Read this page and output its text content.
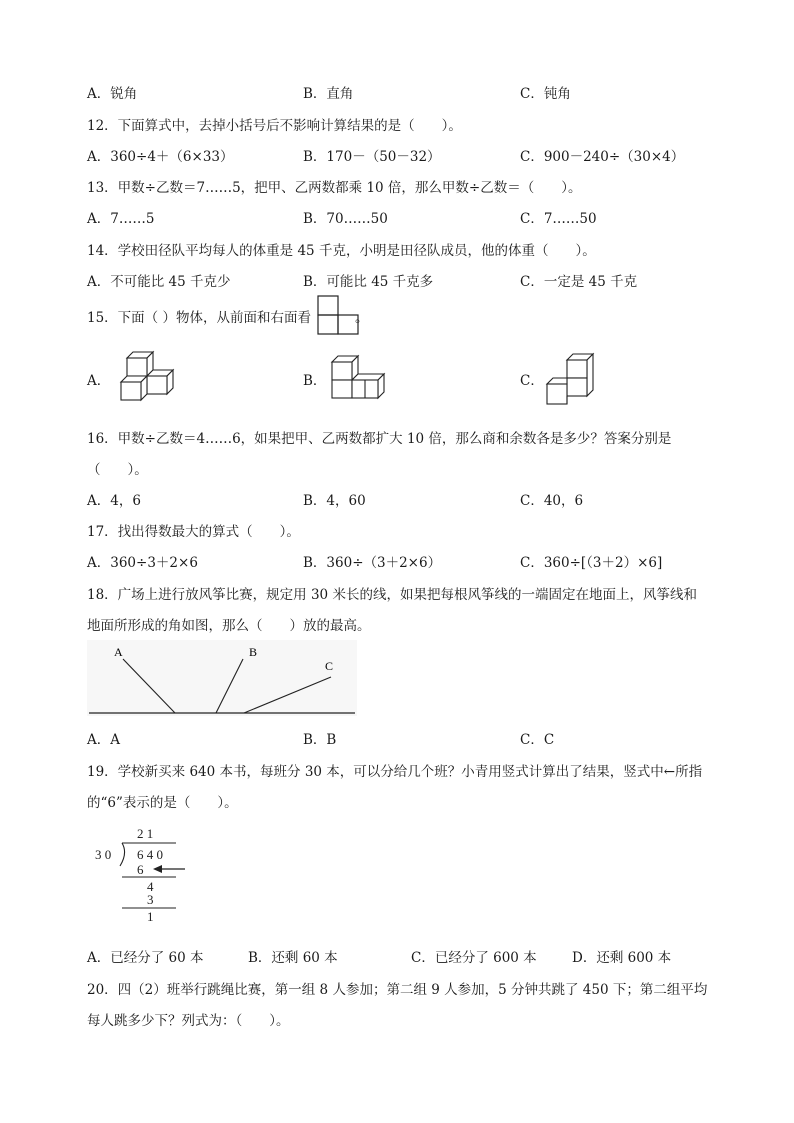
A．锐角	B．直角	C．钝角
12．下面算式中，去掉小括号后不影响计算结果的是（　　）。
A．360÷4＋（6×33）	B．170－（50－32）	C．900－240÷（30×4）
13．甲数÷乙数＝7……5，把甲、乙两数都乘 10 倍，那么甲数÷乙数＝（　　）。
A．7……5	B．70……50	C．7……50
14．学校田径队平均每人的体重是 45 千克，小明是田径队成员，他的体重（　　）。
A．不可能比 45 千克少	B．可能比 45 千克多	C．一定是 45 千克
15．下面（ ）物体，从前面和右面看	。
A．	B．	C．
16．甲数÷乙数＝4……6，如果把甲、乙两数都扩大 10 倍，那么商和余数各是多少？答案分别是
（　　）。
A．4，6	B．4，60	C．40，6
17．找出得数最大的算式（　　）。
A．360÷3＋2×6	B．360÷（3＋2×6）	C．360÷[（3＋2）×6]
18．广场上进行放风筝比赛，规定用 30 米长的线，如果把每根风筝线的一端固定在地面上，风筝线和
地面所形成的角如图，那么（　　）放的最高。
A	B
C
A．A	B．B	C．C
19．学校新买来 640 本书，每班分 30 本，可以分给几个班？小青用竖式计算出了结果，竖式中←所指
的“6”表示的是（　　）。
2 1
3 0 6 4 0
6
4
3
1
A．已经分了 60 本	B．还剩 60 本	C．已经分了 600 本	D．还剩 600 本
20．四（2）班举行跳绳比赛，第一组 8 人参加；第二组 9 人参加，5 分钟共跳了 450 下；第二组平均
每人跳多少下？列式为：（　　）。
